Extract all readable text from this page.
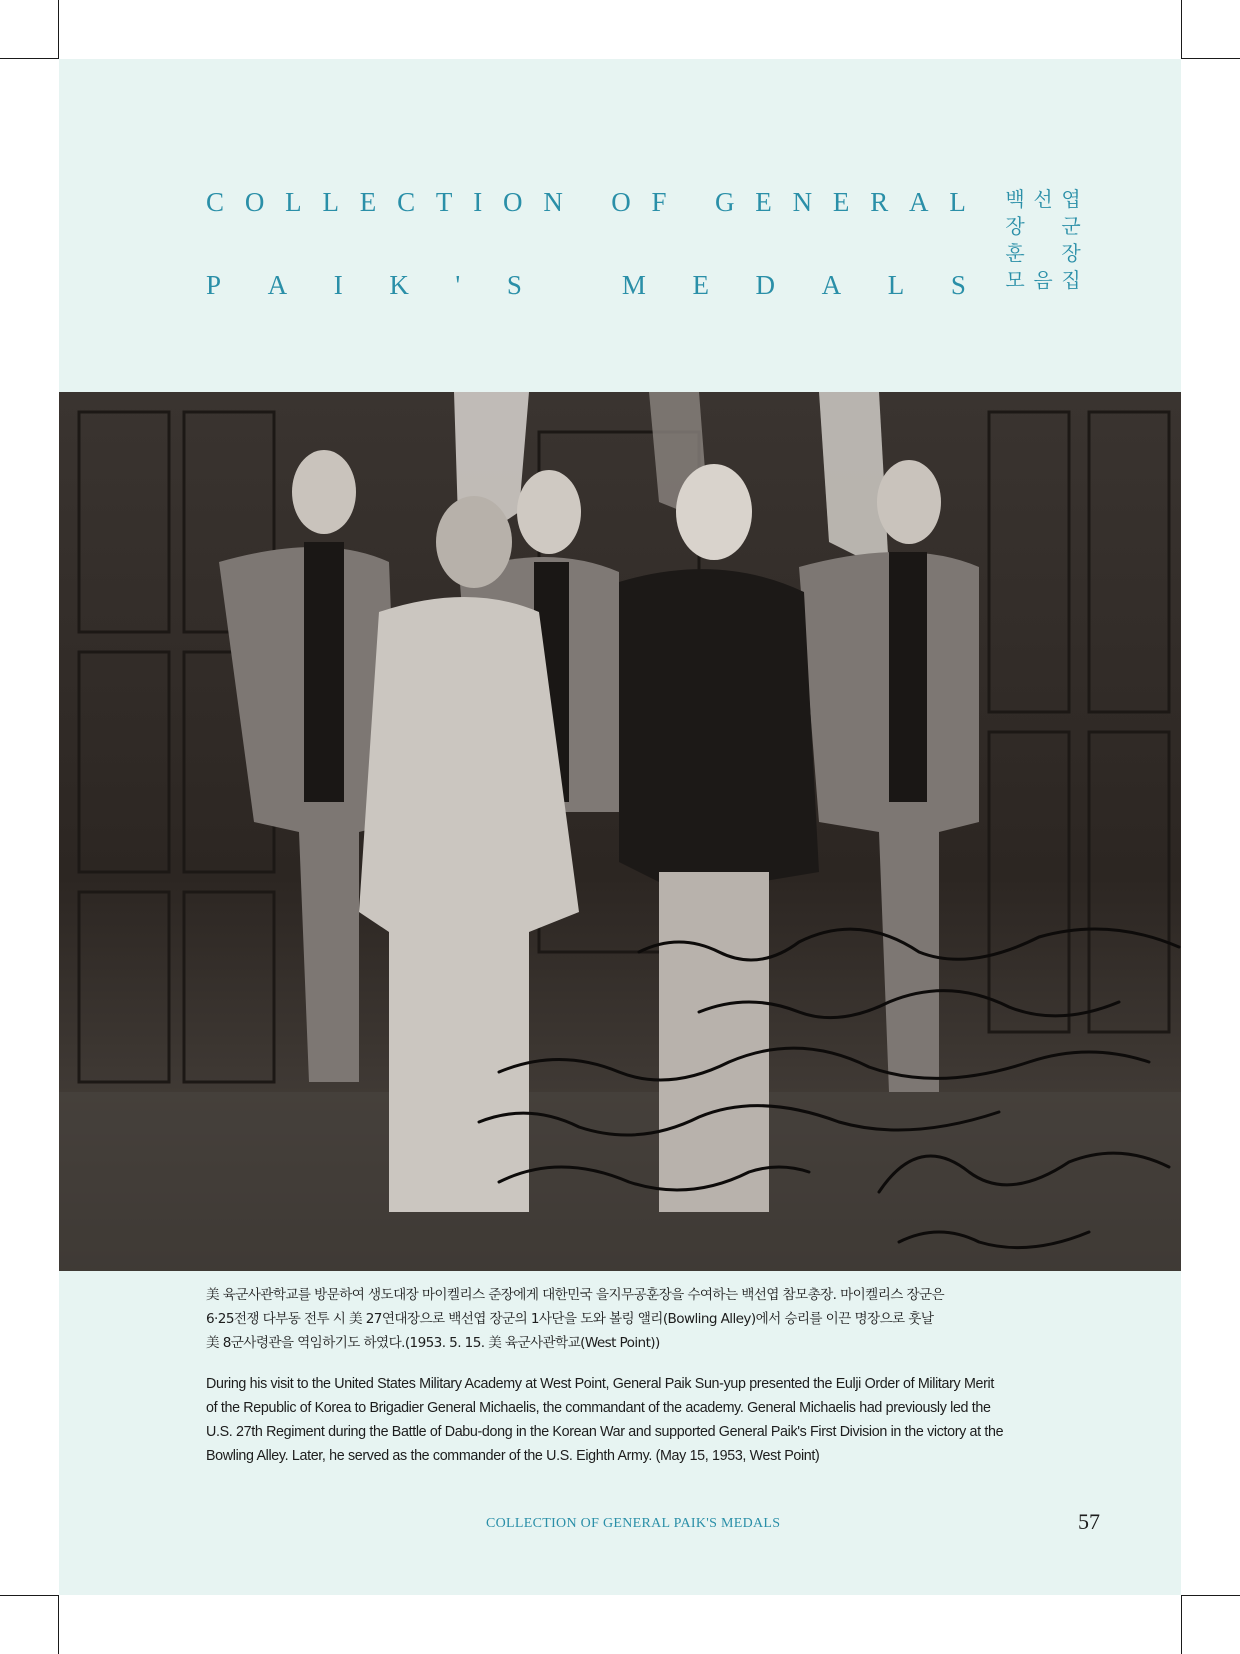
C O L L E C T I O N
O F
G E N E R A L
P A I K ' S
	M E D A L S
엽
군
장
집
선

음
백
장
훈
모

美 육군사관학교를 방문하여 생도대장 마이켈리스 준장에게 대한민국 을지무공훈장을 수여하는 백선엽 참모총장. 마이켈리스 장군은

6·25전쟁 다부동 전투 시 美 27연대장으로 백선엽 장군의 1사단을 도와 볼링 앨리(Bowling Alley)에서 승리를 이끈 명장으로 훗날

美 8군사령관을 역임하기도 하였다.(1953. 5. 15. 美 육군사관학교(West Point))

During his visit to the United States Military Academy at West Point, General Paik Sun-yup presented the Eulji Order of Military Merit

of the Republic of Korea to Brigadier General Michaelis, the commandant of the academy. General Michaelis had previously led the

U.S. 27th Regiment during the Battle of Dabu-dong in the Korean War and supported General Paik's First Division in the victory at the

Bowling Alley. Later, he served as the commander of the U.S. Eighth Army. (May 15, 1953, West Point)

COLLECTION OF GENERAL PAIK'S MEDALS	57
